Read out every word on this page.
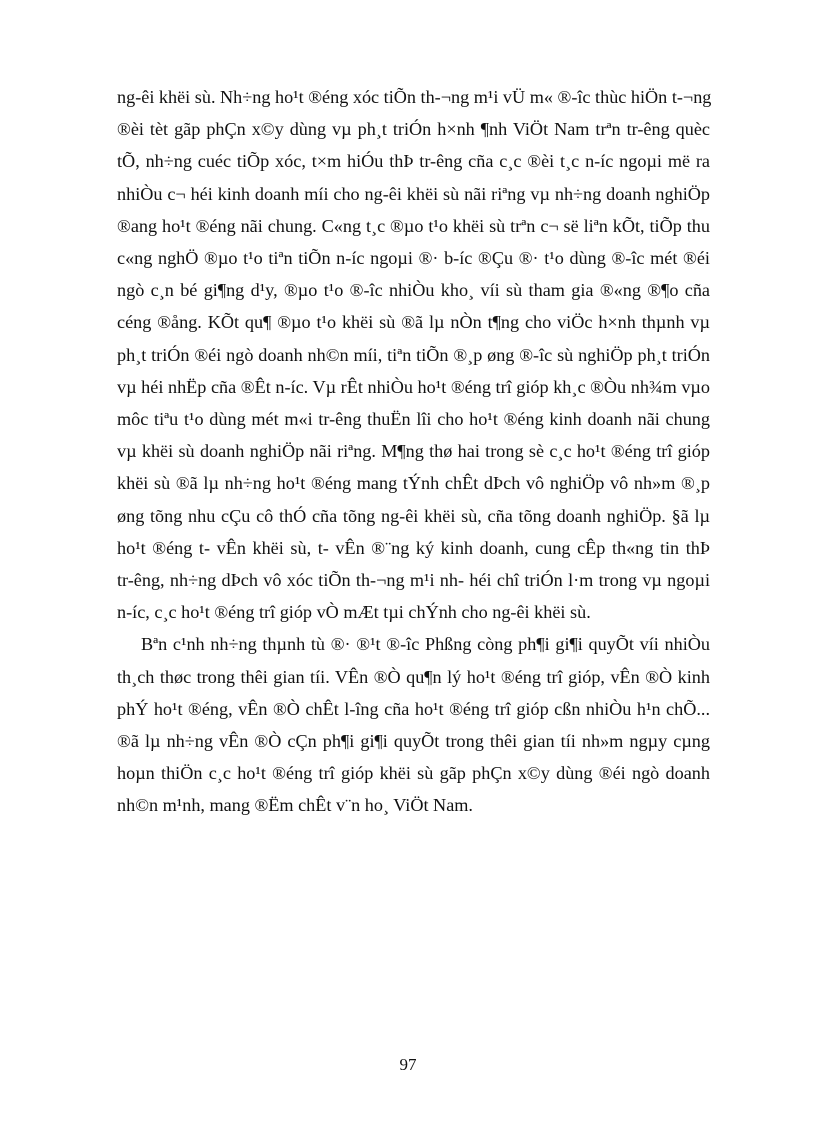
ng-êi khëi sù. Nh÷ng ho¹t ®éng xóc tiÕn th-¬ng m¹i vÜ m« ®-îc thùc hiÖn t-¬ng
®èi tèt gãp phÇn x©y dùng vµ ph¸t triÓn h×nh ¶nh ViÖt Nam trªn tr-êng quèc
tÕ, nh÷ng cuéc tiÕp xóc, t×m hiÓu thÞ tr-êng cña c¸c ®èi t¸c n-íc ngoµi më ra
nhiÒu c¬ héi kinh doanh míi cho ng-êi khëi sù nãi riªng vµ nh÷ng doanh nghiÖp
®ang ho¹t ®éng nãi chung. C«ng t¸c ®µo t¹o khëi sù trªn c¬ së liªn kÕt, tiÕp thu
c«ng nghÖ ®µo t¹o tiªn tiÕn n-íc ngoµi ®· b-íc ®Çu ®· t¹o dùng ®-îc mét ®éi
ngò c¸n bé gi¶ng d¹y, ®µo t¹o ®-îc nhiÒu kho¸ víi sù tham gia ®«ng ®¶o cña
céng ®ång. KÕt qu¶ ®µo t¹o khëi sù ®ã lµ nÒn t¶ng cho viÖc h×nh thµnh vµ
ph¸t triÓn ®éi ngò doanh nh©n míi, tiªn tiÕn ®¸p øng ®-îc sù nghiÖp ph¸t triÓn
vµ héi nhËp cña ®Êt n-íc. Vµ rÊt nhiÒu ho¹t ®éng trî gióp kh¸c ®Òu nh¾m vµo
môc tiªu t¹o dùng mét m«i tr-êng thuËn lîi cho ho¹t ®éng kinh doanh nãi chung
vµ khëi sù doanh nghiÖp nãi riªng. M¶ng thø hai trong sè c¸c ho¹t ®éng trî gióp
khëi sù ®ã lµ nh÷ng ho¹t ®éng mang tÝnh chÊt dÞch vô nghiÖp vô nh»m ®¸p
øng tõng nhu cÇu cô thÓ cña tõng ng-êi khëi sù, cña tõng doanh nghiÖp. §ã lµ
ho¹t ®éng t- vÊn khëi sù, t- vÊn ®¨ng ký kinh doanh, cung cÊp th«ng tin thÞ
tr-êng, nh÷ng dÞch vô xóc tiÕn th-¬ng m¹i nh- héi chî triÓn l·m trong vµ ngoµi
n-íc, c¸c ho¹t ®éng trî gióp vÒ mÆt tµi chÝnh cho ng-êi khëi sù.

Bªn c¹nh nh÷ng thµnh tù ®· ®¹t ®-îc Phßng còng ph¶i gi¶i quyÕt víi nhiÒu
th¸ch thøc trong thêi gian tíi. VÊn ®Ò qu¶n lý ho¹t ®éng trî gióp, vÊn ®Ò kinh
phÝ ho¹t ®éng, vÊn ®Ò chÊt l-îng cña ho¹t ®éng trî gióp cßn nhiÒu h¹n chÕ...
®ã lµ nh÷ng vÊn ®Ò cÇn ph¶i gi¶i quyÕt trong thêi gian tíi nh»m ngµy cµng
hoµn thiÖn c¸c ho¹t ®éng trî gióp khëi sù gãp phÇn x©y dùng ®éi ngò doanh
nh©n m¹nh, mang ®Ëm chÊt v¨n ho¸ ViÖt Nam.

97
